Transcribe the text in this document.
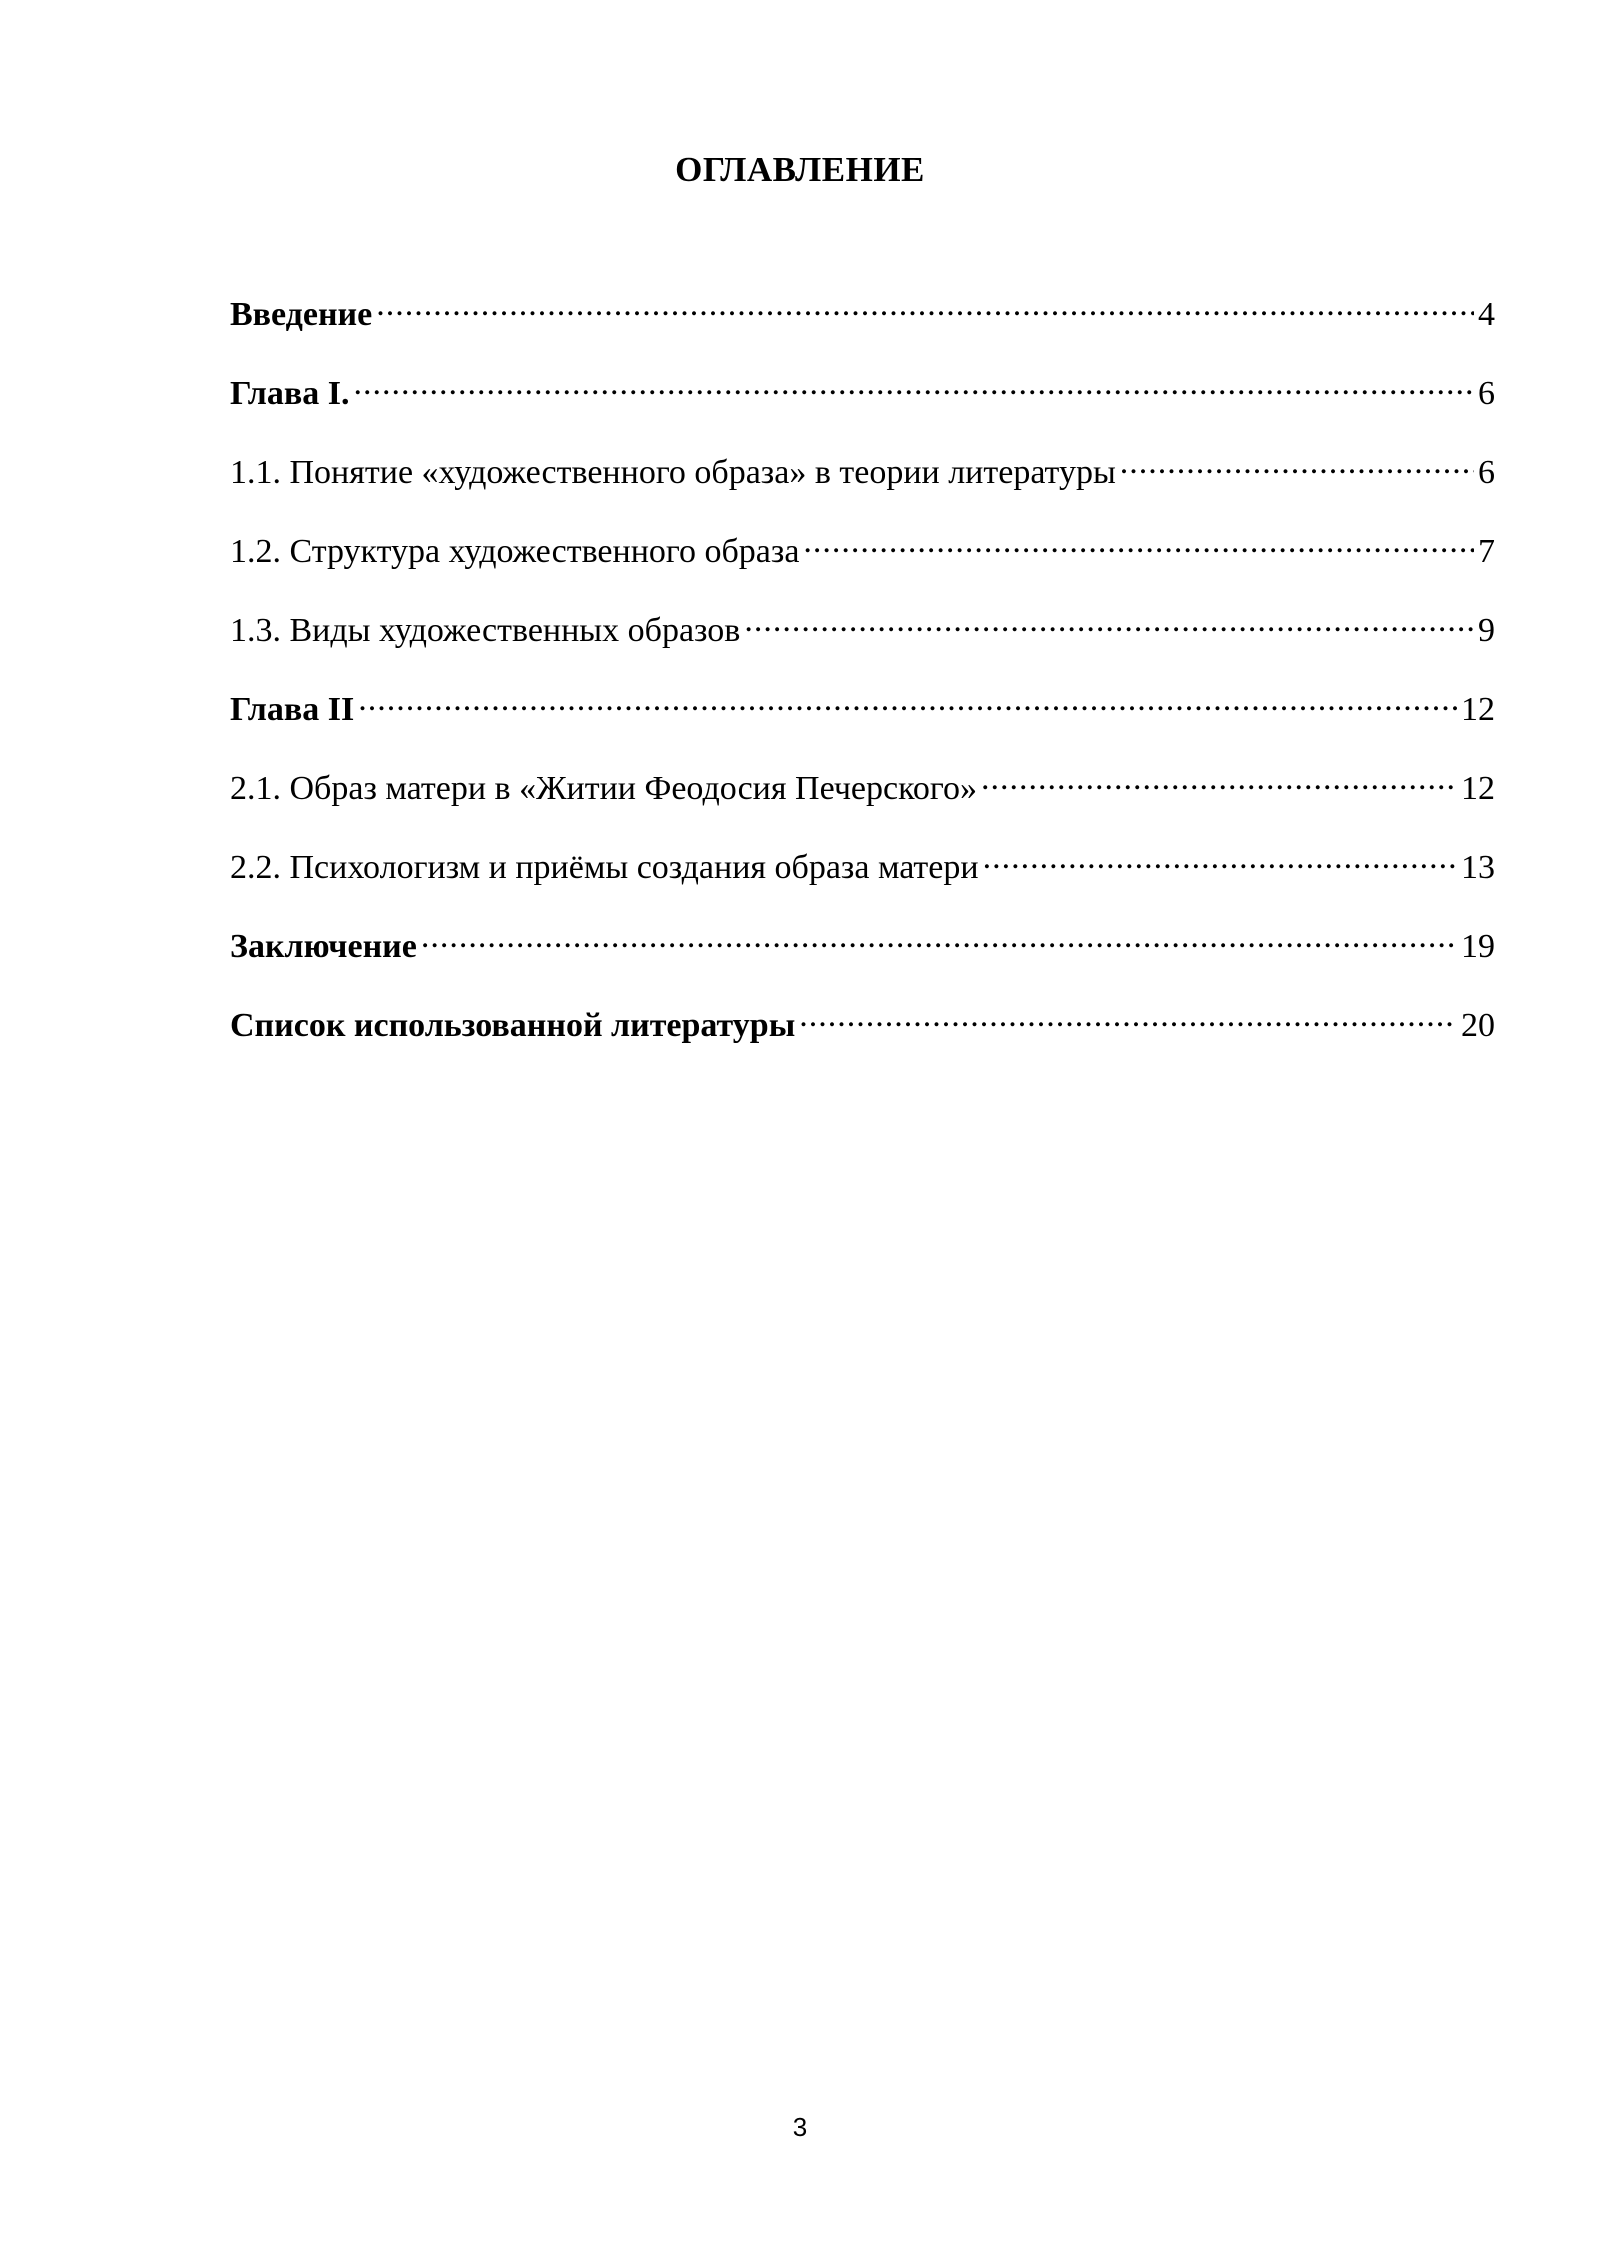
ОГЛАВЛЕНИЕ
Введение .....	4
Глава I. .....	6
1.1. Понятие «художественного образа» в теории литературы .....	6
1.2. Структура художественного образа .....	7
1.3. Виды художественных образов .....	9
Глава II .....	12
2.1. Образ матери в «Житии Феодосия Печерского» .....	12
2.2. Психологизм и приёмы создания образа матери .....	13
Заключение .....	19
Список использованной литературы .....	20
3
